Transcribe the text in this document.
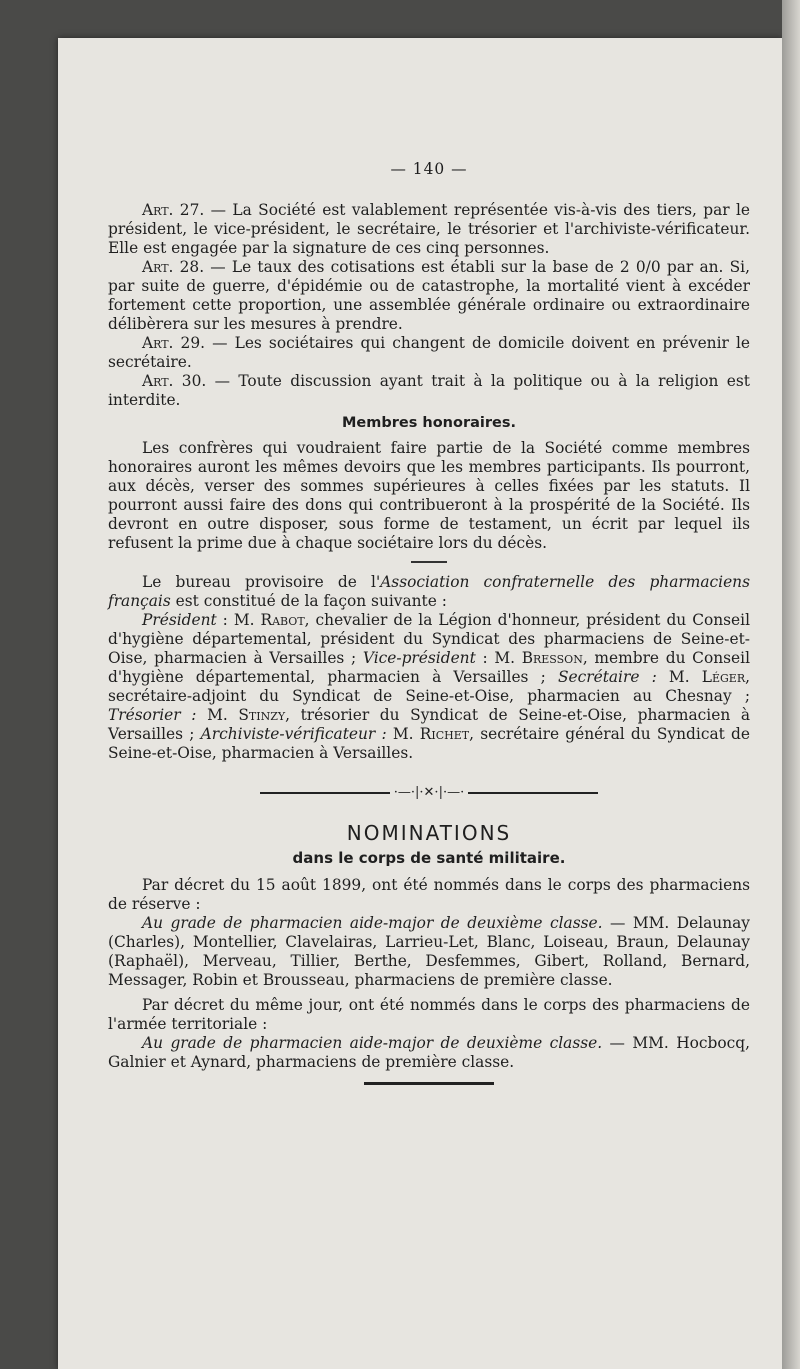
— 140 —

Art. 27. — La Société est valablement représentée vis-à-vis des tiers, par le président, le vice-président, le secrétaire, le trésorier et l'archiviste-vérificateur. Elle est engagée par la signature de ces cinq personnes.

Art. 28. — Le taux des cotisations est établi sur la base de 2 0/0 par an. Si, par suite de guerre, d'épidémie ou de catastrophe, la mortalité vient à excéder fortement cette proportion, une assemblée générale ordinaire ou extraordinaire délibèrera sur les mesures à prendre.

Art. 29. — Les sociétaires qui changent de domicile doivent en prévenir le secrétaire.

Art. 30. — Toute discussion ayant trait à la politique ou à la religion est interdite.

Membres honoraires.

Les confrères qui voudraient faire partie de la Société comme membres honoraires auront les mêmes devoirs que les membres participants. Ils pourront, aux décès, verser des sommes supérieures à celles fixées par les statuts. Il pourront aussi faire des dons qui contribueront à la prospérité de la Société. Ils devront en outre disposer, sous forme de testament, un écrit par lequel ils refusent la prime due à chaque sociétaire lors du décès.

Le bureau provisoire de l'Association confraternelle des pharmaciens français est constitué de la façon suivante :

Président : M. Rabot, chevalier de la Légion d'honneur, président du Conseil d'hygiène départemental, président du Syndicat des pharmaciens de Seine-et-Oise, pharmacien à Versailles ; Vice-président : M. Bresson, membre du Conseil d'hygiène départemental, pharmacien à Versailles ; Secrétaire : M. Léger, secrétaire-adjoint du Syndicat de Seine-et-Oise, pharmacien au Chesnay ; Trésorier : M. Stinzy, trésorier du Syndicat de Seine-et-Oise, pharmacien à Versailles ; Archiviste-vérificateur : M. Richet, secrétaire général du Syndicat de Seine-et-Oise, pharmacien à Versailles.

·—·|·✕·|·—·
NOMINATIONS
dans le corps de santé militaire.

Par décret du 15 août 1899, ont été nommés dans le corps des pharmaciens de réserve :

Au grade de pharmacien aide-major de deuxième classe. — MM. Delaunay (Charles), Montellier, Clavelairas, Larrieu-Let, Blanc, Loiseau, Braun, Delaunay (Raphaël), Merveau, Tillier, Berthe, Desfemmes, Gibert, Rolland, Bernard, Messager, Robin et Brousseau, pharmaciens de première classe.

Par décret du même jour, ont été nommés dans le corps des pharmaciens de l'armée territoriale :

Au grade de pharmacien aide-major de deuxième classe. — MM. Hocbocq, Galnier et Aynard, pharmaciens de première classe.
